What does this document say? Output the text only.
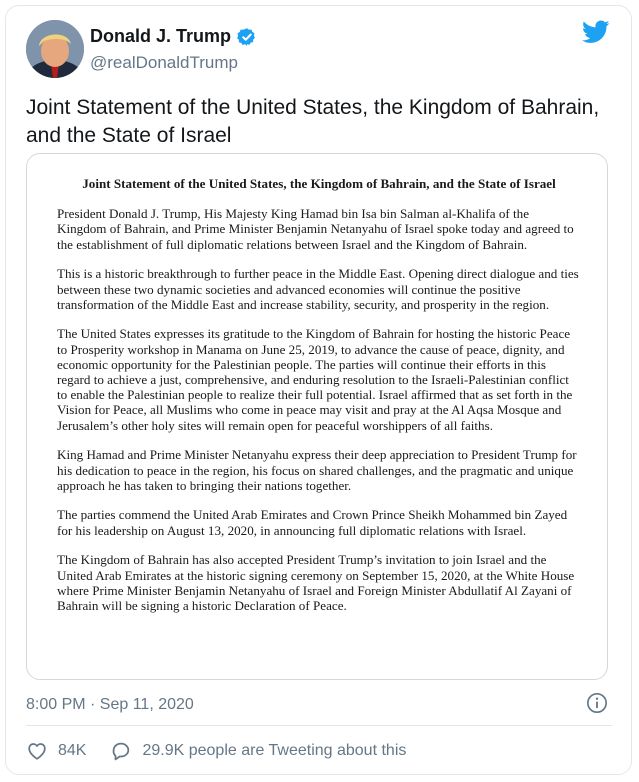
Donald J. Trump
@realDonaldTrump

Joint Statement of the United States, the Kingdom of Bahrain, and the State of Israel

Joint Statement of the United States, the Kingdom of Bahrain, and the State of Israel

President Donald J. Trump, His Majesty King Hamad bin Isa bin Salman al-Khalifa of the Kingdom of Bahrain, and Prime Minister Benjamin Netanyahu of Israel spoke today and agreed to the establishment of full diplomatic relations between Israel and the Kingdom of Bahrain.

This is a historic breakthrough to further peace in the Middle East. Opening direct dialogue and ties between these two dynamic societies and advanced economies will continue the positive transformation of the Middle East and increase stability, security, and prosperity in the region.

The United States expresses its gratitude to the Kingdom of Bahrain for hosting the historic Peace to Prosperity workshop in Manama on June 25, 2019, to advance the cause of peace, dignity, and economic opportunity for the Palestinian people. The parties will continue their efforts in this regard to achieve a just, comprehensive, and enduring resolution to the Israeli-Palestinian conflict to enable the Palestinian people to realize their full potential. Israel affirmed that as set forth in the Vision for Peace, all Muslims who come in peace may visit and pray at the Al Aqsa Mosque and Jerusalem’s other holy sites will remain open for peaceful worshippers of all faiths.

King Hamad and Prime Minister Netanyahu express their deep appreciation to President Trump for his dedication to peace in the region, his focus on shared challenges, and the pragmatic and unique approach he has taken to bringing their nations together.

The parties commend the United Arab Emirates and Crown Prince Sheikh Mohammed bin Zayed for his leadership on August 13, 2020, in announcing full diplomatic relations with Israel.

The Kingdom of Bahrain has also accepted President Trump’s invitation to join Israel and the United Arab Emirates at the historic signing ceremony on September 15, 2020, at the White House where Prime Minister Benjamin Netanyahu of Israel and Foreign Minister Abdullatif Al Zayani of Bahrain will be signing a historic Declaration of Peace.

8:00 PM · Sep 11, 2020
84K	29.9K people are Tweeting about this
